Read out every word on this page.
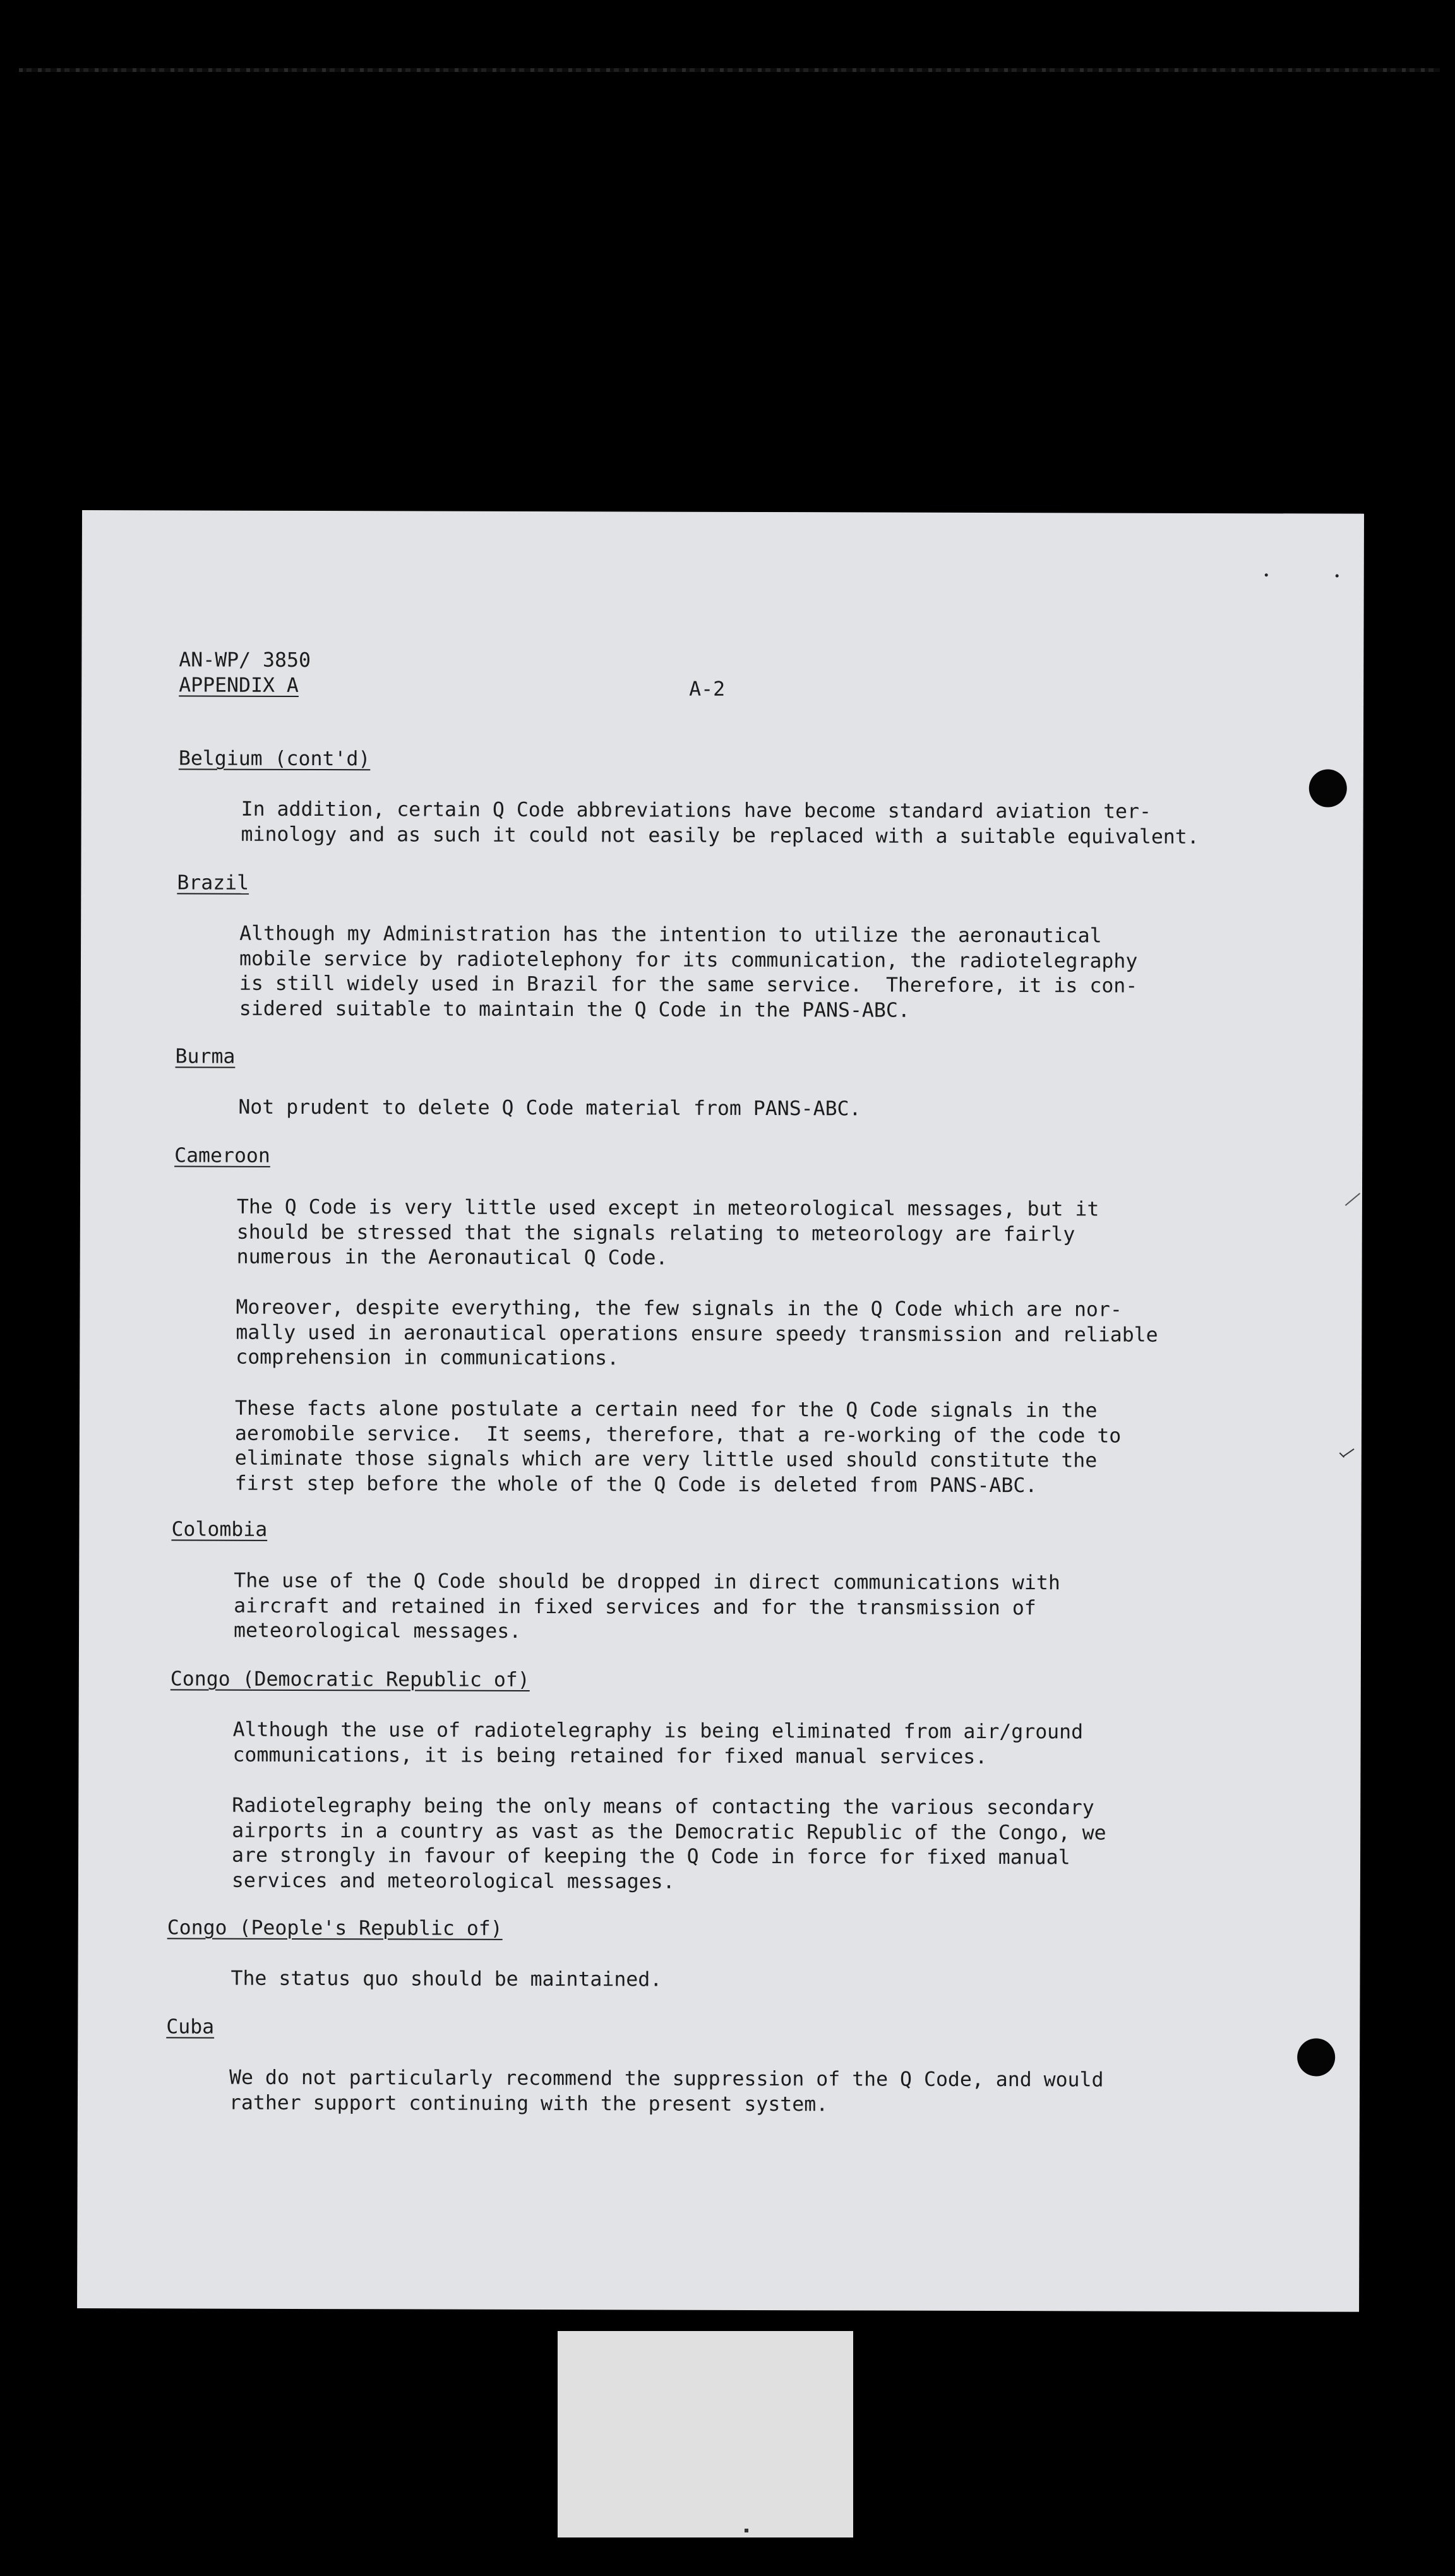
AN-WP/ 3850

APPENDIX A	A-2

Belgium (cont'd)

In addition, certain Q Code abbreviations have become standard aviation ter-
minology and as such it could not easily be replaced with a suitable equivalent.

Brazil

Although my Administration has the intention to utilize the aeronautical
mobile service by radiotelephony for its communication, the radiotelegraphy
is still widely used in Brazil for the same service.  Therefore, it is con-
sidered suitable to maintain the Q Code in the PANS-ABC.

Burma

Not prudent to delete Q Code material from PANS-ABC.

Cameroon

The Q Code is very little used except in meteorological messages, but it
should be stressed that the signals relating to meteorology are fairly
numerous in the Aeronautical Q Code.

Moreover, despite everything, the few signals in the Q Code which are nor-
mally used in aeronautical operations ensure speedy transmission and reliable
comprehension in communications.

These facts alone postulate a certain need for the Q Code signals in the
aeromobile service.  It seems, therefore, that a re-working of the code to
eliminate those signals which are very little used should constitute the
first step before the whole of the Q Code is deleted from PANS-ABC.

Colombia

The use of the Q Code should be dropped in direct communications with
aircraft and retained in fixed services and for the transmission of
meteorological messages.

Congo (Democratic Republic of)

Although the use of radiotelegraphy is being eliminated from air/ground
communications, it is being retained for fixed manual services.

Radiotelegraphy being the only means of contacting the various secondary
airports in a country as vast as the Democratic Republic of the Congo, we
are strongly in favour of keeping the Q Code in force for fixed manual
services and meteorological messages.

Congo (People's Republic of)

The status quo should be maintained.

Cuba

We do not particularly recommend the suppression of the Q Code, and would
rather support continuing with the present system.
